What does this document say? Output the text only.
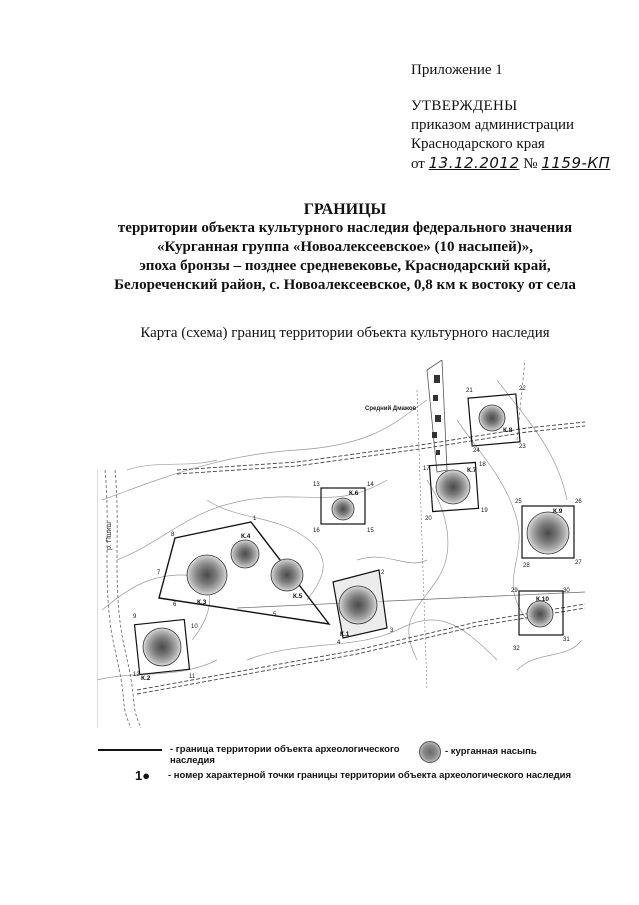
Приложение 1
УТВЕРЖДЕНЫ
приказом администрации
Краснодарского края
от 13.12.2012 № 1159-КП
ГРАНИЦЫ
территории объекта культурного наследия федерального значения
«Курганная группа «Новоалексеевское» (10 насыпей)»,
эпоха бронзы – позднее средневековье, Краснодарский край,
Белореченский район, с. Новоалексеевское, 0,8 км к востоку от села
Карта (схема) границ территории объекта культурного наследия
р. Пшиш
Средний Дмажов
К.1
К.2
К.3
К.4
К.5
К.6
К.7
К.8
К.9
К.10
1
2
3
4
5
6
7
8
9
10
11
12
13	14
15
16
17
18
19
20
21	22
23
24
25	26
27
28
29	30
31
32
- граница территории объекта археологического
наследия
- курганная насыпь
1● - номер характерной точки границы территории объекта археологического наследия
